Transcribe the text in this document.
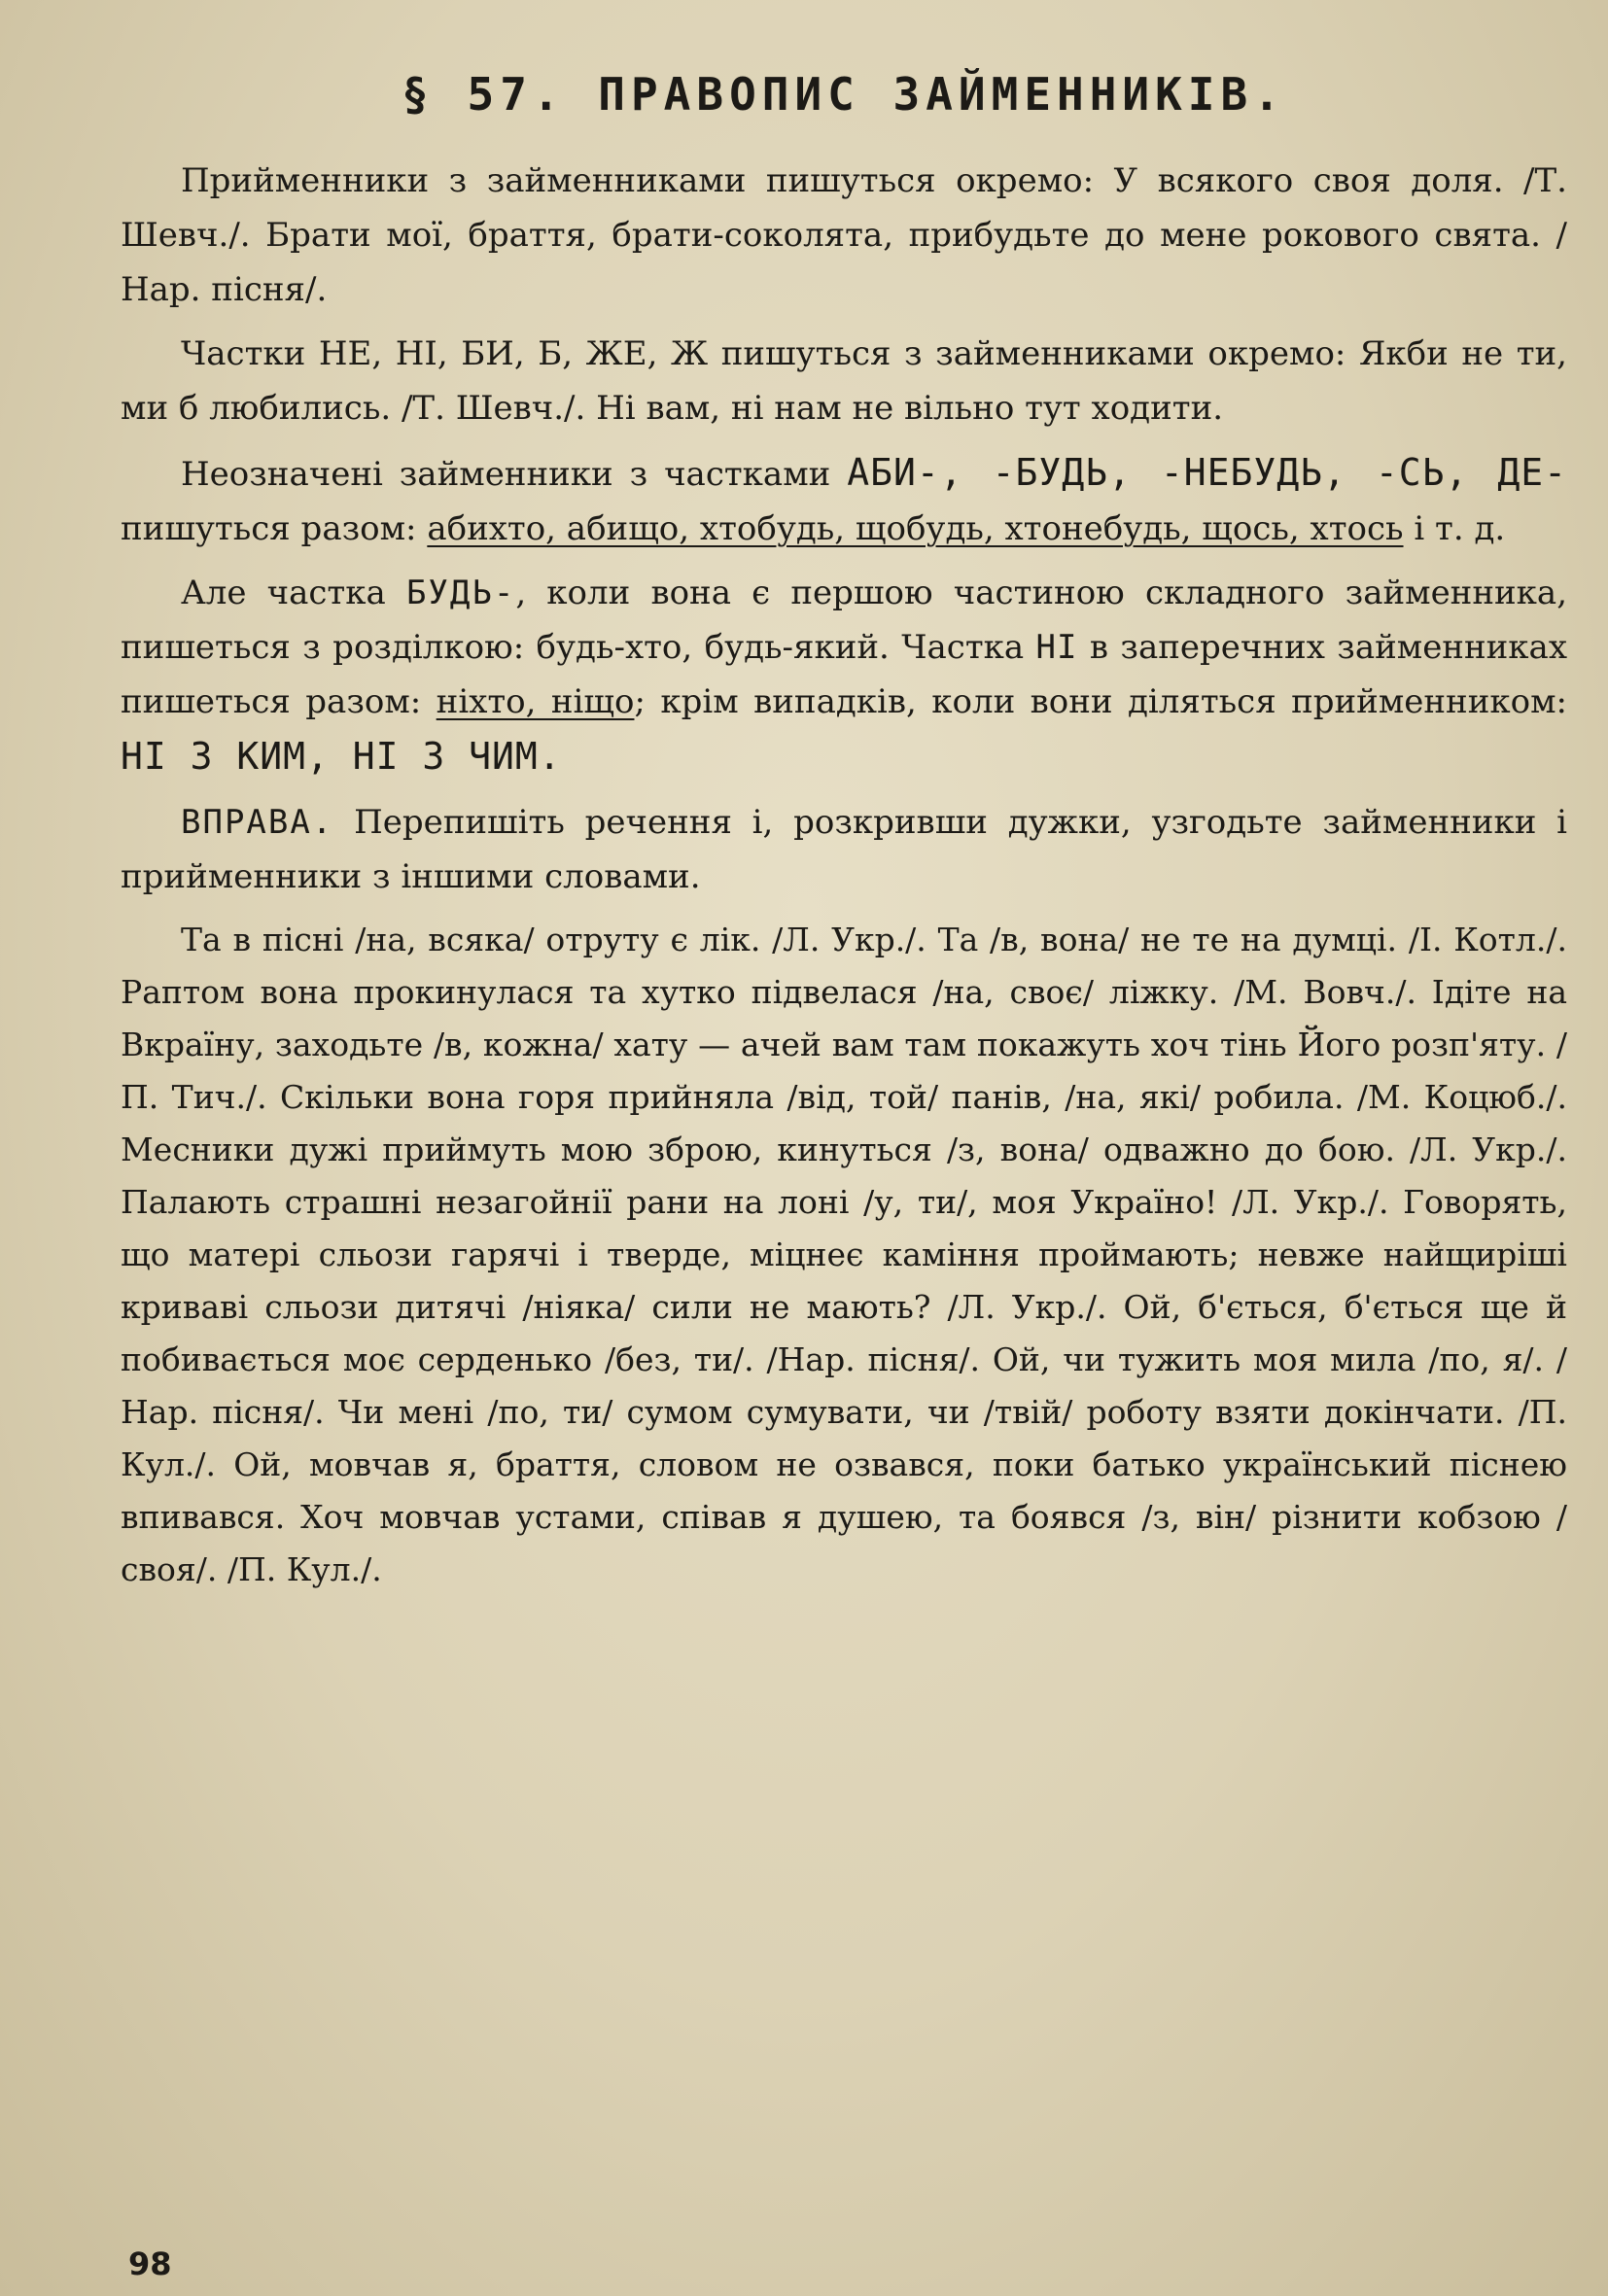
§ 57. ПРАВОПИС ЗАЙМЕННИКІВ.

Прийменники з займенниками пишуться окремо: У всякого своя доля. /Т. Шевч./. Брати мої, браття, брати-соколята, прибудьте до мене рокового свята. /Нар. пісня/.

Частки НЕ, НІ, БИ, Б, ЖЕ, Ж пишуться з займенниками окремо: Якби не ти, ми б любились. /Т. Шевч./. Ні вам, ні нам не вільно тут ходити.

Неозначені займенники з частками АБИ-, -БУДЬ, -НЕБУДЬ, -СЬ, ДЕ- пишуться разом: абихто, абищо, хтобудь, щобудь, хтонебудь, щось, хтось і т. д.

Але частка БУДЬ-, коли вона є першою частиною складного займенника, пишеться з розділкою: будь-хто, будь-який. Частка НІ в заперечних займенниках пишеться разом: ніхто, нiщо; крім випадків, коли вони діляться прийменником: НІ З КИМ, НІ З ЧИМ.

ВПРАВА. Перепишіть речення і, розкривши дужки, узгодьте займенники і прийменники з іншими словами.

Та в пісні /на, всяка/ отруту є лік. /Л. Укр./. Та /в, вона/ не те на думці. /І. Котл./. Раптом вона прокинулася та хутко підвелася /на, своє/ ліжку. /М. Вовч./. Ідіте на Вкраїну, заходьте /в, кожна/ хату — ачей вам там покажуть хоч тінь Його розп'яту. /П. Тич./. Скільки вона горя прийняла /від, той/ панів, /на, які/ робила. /М. Коцюб./. Месники дужі приймуть мою зброю, кинуться /з, вона/ одважно до бою. /Л. Укр./. Палають страшні незагойнії рани на лоні /у, ти/, моя Україно! /Л. Укр./. Говорять, що матері сльози гарячі і тверде, міцнеє каміння проймають; невже найщиріші криваві сльози дитячі /ніяка/ сили не мають? /Л. Укр./. Ой, б'ється, б'ється ще й побивається моє серденько /без, ти/. /Нар. пісня/. Ой, чи тужить моя мила /по, я/. /Нар. пісня/. Чи мені /по, ти/ сумом сумувати, чи /твій/ роботу взяти докінчати. /П. Кул./. Ой, мовчав я, браття, словом не озвався, поки батько український піснею впивався. Хоч мовчав устами, співав я душею, та боявся /з, він/ різнити кобзою /своя/. /П. Кул./.

98
